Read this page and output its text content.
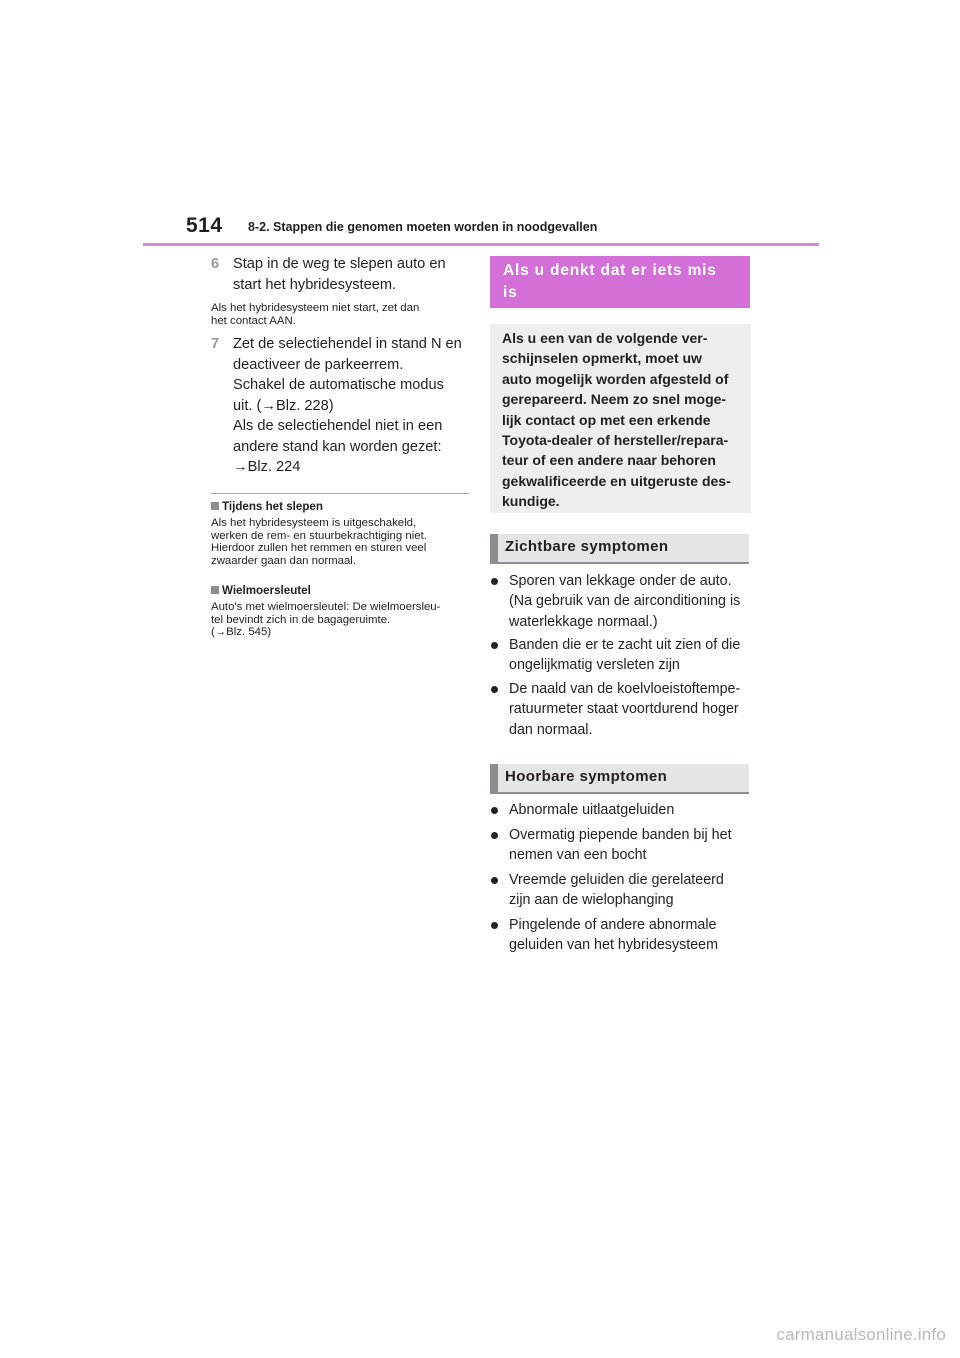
514 8-2. Stappen die genomen moeten worden in noodgevallen
6 Stap in de weg te slepen auto en
start het hybridesysteem.
Als het hybridesysteem niet start, zet dan
het contact AAN.
7 Zet de selectiehendel in stand N en
deactiveer de parkeerrem.
Schakel de automatische modus
uit. (→Blz. 228)
Als de selectiehendel niet in een
andere stand kan worden gezet:
→Blz. 224
Tijdens het slepen
Als het hybridesysteem is uitgeschakeld,
werken de rem- en stuurbekrachtiging niet.
Hierdoor zullen het remmen en sturen veel
zwaarder gaan dan normaal.
Wielmoersleutel
Auto's met wielmoersleutel: De wielmoersleu-
tel bevindt zich in de bagageruimte.
(→Blz. 545)
Als u denkt dat er iets mis
is
Als u een van de volgende ver-
schijnselen opmerkt, moet uw
auto mogelijk worden afgesteld of
gerepareerd. Neem zo snel moge-
lijk contact op met een erkende
Toyota-dealer of hersteller/repara-
teur of een andere naar behoren
gekwalificeerde en uitgeruste des-
kundige.
Zichtbare symptomen
Sporen van lekkage onder de auto.
(Na gebruik van de airconditioning is
waterlekkage normaal.)
Banden die er te zacht uit zien of die
ongelijkmatig versleten zijn
De naald van de koelvloeistoftempe-
ratuurmeter staat voortdurend hoger
dan normaal.
Hoorbare symptomen
Abnormale uitlaatgeluiden
Overmatig piepende banden bij het
nemen van een bocht
Vreemde geluiden die gerelateerd
zijn aan de wielophanging
Pingelende of andere abnormale
geluiden van het hybridesysteem
carmanualsonline.info
